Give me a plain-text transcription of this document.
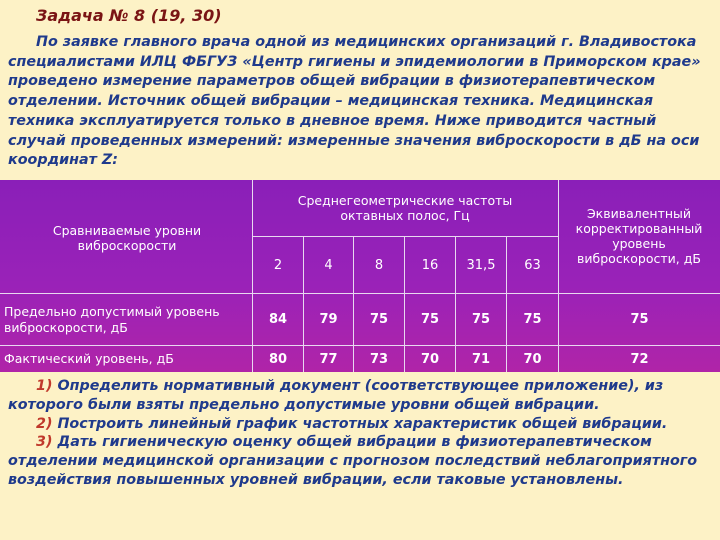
Задача № 8 (19, 30)

По заявке главного врача одной из медицинских организаций г. Владивостока специалистами ИЛЦ ФБГУЗ «Центр гигиены и эпидемиологии в Приморском крае» проведено измерение параметров общей вибрации в физиотерапевтическом отделении. Источник общей вибрации – медицинская техника. Медицинская техника эксплуатируется только в дневное время. Ниже приводится частный случай проведенных измерений: измеренные значения виброскорости в дБ на оси координат Z:

Сравниваемые уровни виброскорости
Среднегеометрические частоты октавных полос, Гц	Эквивалентный корректированный уровень виброскорости, дБ
2	4	8	16	31,5	63
Предельно допустимый уровень виброскорости, дБ	84	79	75	75	75	75	75
Фактический уровень, дБ	80	77	73	70	71	70	72

1) Определить нормативный документ (соответствующее приложение), из которого были взяты предельно допустимые уровни общей вибрации.

2) Построить линейный график частотных характеристик общей вибрации.

3) Дать гигиеническую оценку общей вибрации в физиотерапевтическом отделении медицинской организации с прогнозом последствий неблагоприятного воздействия повышенных уровней вибрации, если таковые установлены.
